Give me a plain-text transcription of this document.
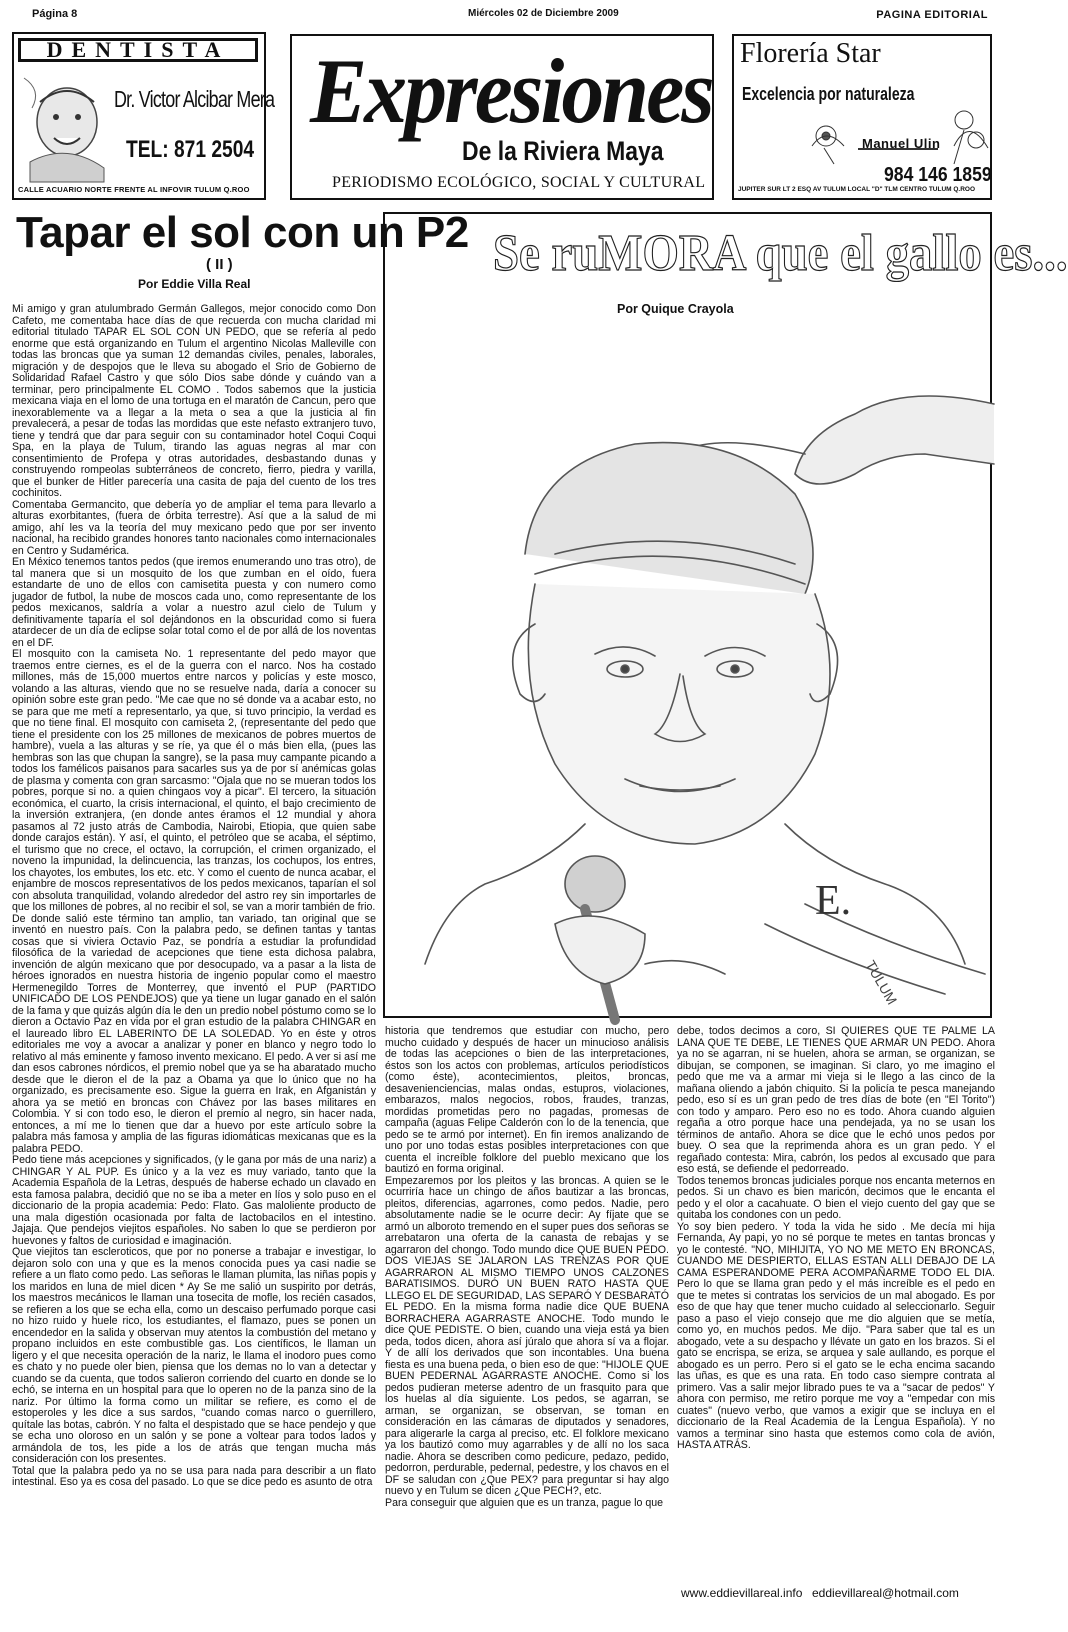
Página 8	Miércoles 02 de Diciembre 2009	PAGINA EDITORIAL
DENTISTA
Dr. Victor Alcibar Mera
TEL: 871 2504
CALLE ACUARIO NORTE FRENTE AL INFOVIR TULUM Q.ROO
Expresiones
De la Riviera Maya
PERIODISMO ECOLÓGICO, SOCIAL Y CULTURAL
Florería Star
Excelencia por naturaleza
Manuel Ulin
984 146 1859
JUPITER SUR LT 2 ESQ AV TULUM LOCAL "D" TLM CENTRO TULUM Q.ROO
Tapar el sol con un P2
( II )
Por Eddie Villa Real

Mi amigo y gran atulumbrado Germán Gallegos, mejor conocido como Don Cafeto, me comentaba hace días de que recuerda con mucha claridad mi editorial titulado TAPAR EL SOL CON UN PEDO, que se refería al pedo enorme que está organizando en Tulum el argentino Nicolas Malleville con todas las broncas que ya suman 12 demandas civiles, penales, laborales, migración y de despojos que le lleva su abogado el Srio de Gobierno de Solidaridad Rafael Castro y que sólo Dios sabe dónde y cuándo van a terminar, pero principalmente EL COMO . Todos sabemos que la justicia mexicana viaja en el lomo de una tortuga en el maratón de Cancun, pero que inexorablemente va a llegar a la meta o sea a que la justicia al fin prevalecerá, a pesar de todas las mordidas que este nefasto extranjero tuvo, tiene y tendrá que dar para seguir con su contaminador hotel Coqui Coqui Spa, en la playa de Tulum, tirando las aguas negras al mar con consentimiento de Profepa y otras autoridades, desbastando dunas y construyendo rompeolas subterráneos de concreto, fierro, piedra y varilla, que el bunker de Hitler parecería una casita de paja del cuento de los tres cochinitos.

Comentaba Germancito, que debería yo de ampliar el tema para llevarlo a alturas exorbitantes, (fuera de órbita terrestre). Así que a la salud de mi amigo, ahí les va la teoría del muy mexicano pedo que por ser invento nacional, ha recibido grandes honores tanto nacionales como internacionales en Centro y Sudamérica.

En México tenemos tantos pedos (que iremos enumerando uno tras otro), de tal manera que si un mosquito de los que zumban en el oído, fuera estandarte de uno de ellos con camisetita puesta y con numero como jugador de futbol, la nube de moscos cada uno, como representante de los pedos mexicanos, saldría a volar a nuestro azul cielo de Tulum y definitivamente taparía el sol dejándonos en la obscuridad como si fuera atardecer de un día de eclipse solar total como el de por allá de los noventas en el DF.

El mosquito con la camiseta No. 1 representante del pedo mayor que traemos entre ciernes, es el de la guerra con el narco. Nos ha costado millones, más de 15,000 muertos entre narcos y policías y este mosco, volando a las alturas, viendo que no se resuelve nada, daría a conocer su opinión sobre este gran pedo. "Me cae que no sé donde va a acabar esto, no se para que me metí a representarlo, ya que, si tuvo principio, la verdad es que no tiene final. El mosquito con camiseta 2, (representante del pedo que tiene el presidente con los 25 millones de mexicanos de pobres muertos de hambre), vuela a las alturas y se ríe, ya que él o más bien ella, (pues las hembras son las que chupan la sangre), se la pasa muy campante picando a todos los famélicos paisanos para sacarles sus ya de por sí anémicas golas de plasma y comenta con gran sarcasmo: "Ojala que no se mueran todos los pobres, porque si no. a quien chingaos voy a picar". El tercero, la situación económica, el cuarto, la crisis internacional, el quinto, el bajo crecimiento de la inversión extranjera, (en donde antes éramos el 12 mundial y ahora pasamos al 72 justo atrás de Cambodia, Nairobi, Etiopia, que quien sabe donde carajos están). Y así, el quinto, el petróleo que se acaba, el séptimo, el turismo que no crece, el octavo, la corrupción, el crimen organizado, el noveno la impunidad, la delincuencia, las tranzas, los cochupos, los entres, los chayotes, los embutes, los etc. etc. Y como el cuento de nunca acabar, el enjambre de moscos representativos de los pedos mexicanos, taparían el sol con absoluta tranquilidad, volando alrededor del astro rey sin importarles de que los millones de pobres, al no recibir el sol, se van a morir también de frio.

De donde salió este término tan amplio, tan variado, tan original que se inventó en nuestro país. Con la palabra pedo, se definen tantas y tantas cosas que si viviera Octavio Paz, se pondría a estudiar la profundidad filosófica de la variedad de acepciones que tiene esta dichosa palabra, invención de algún mexicano que por desocupado, va a pasar a la lista de héroes ignorados en nuestra historia de ingenio popular como el maestro Hermenegildo Torres de Monterrey, que inventó el PUP (PARTIDO UNIFICADO DE LOS PENDEJOS) que ya tiene un lugar ganado en el salón de la fama y que quizás algún día le den un predio nobel póstumo como se lo dieron a Octavio Paz en vida por el gran estudio de la palabra CHINGAR en el laureado libro EL LABERINTO DE LA SOLEDAD. Yo en éste y otros editoriales me voy a avocar a analizar y poner en blanco y negro todo lo relativo al más eminente y famoso invento mexicano. El pedo. A ver si así me dan esos cabrones nórdicos, el premio nobel que ya se ha abaratado mucho desde que le dieron el de la paz a Obama ya que lo único que no ha organizado, es precisamente eso. Sigue la guerra en Irak, en Afganistán y ahora ya se metió en broncas con Chávez por las bases militares en Colombia. Y si con todo eso, le dieron el premio al negro, sin hacer nada, entonces, a mí me lo tienen que dar a huevo por este artículo sobre la palabra más famosa y amplia de las figuras idiomáticas mexicanas que es la palabra PEDO.

Pedo tiene más acepciones y significados, (y le gana por más de una nariz) a CHINGAR Y AL PUP. Es único y a la vez es muy variado, tanto que la Academia Española de la Letras, después de haberse echado un clavado en esta famosa palabra, decidió que no se iba a meter en líos y solo puso en el diccionario de la propia academia: Pedo: Flato. Gas maloliente producto de una mala digestión ocasionada por falta de lactobacilos en el intestino. Jajaja. Que pendejos viejitos españoles. No saben lo que se perdieron por huevones y faltos de curiosidad e imaginación.

Que viejitos tan escleroticos, que por no ponerse a trabajar e investigar, lo dejaron solo con una y que es la menos conocida pues ya casi nadie se refiere a un flato como pedo. Las señoras le llaman plumita, las niñas popis y los maridos en luna de miel dicen * Ay Se me salió un suspirito por detrás, los maestros mecánicos le llaman una tosecita de mofle, los recién casados, se refieren a los que se echa ella, como un descaiso perfumado porque casi no hizo ruido y huele rico, los estudiantes, el flamazo, pues se ponen un encendedor en la salida y observan muy atentos la combustión del metano y propano incluidos en este combustible gas. Los científicos, le llaman un ligero y el que necesita operación de la nariz, le llama el inodoro pues como es chato y no puede oler bien, piensa que los demas no lo van a detectar y cuando se da cuenta, que todos salieron corriendo del cuarto en donde se lo echó, se interna en un hospital para que lo operen no de la panza sino de la nariz. Por último la forma como un militar se refiere, es como el de estoperoles y les dice a sus sardos, "cuando comas narco o guerrillero, quítale las botas, cabrón. Y no falta el despistado que se hace pendejo y que se echa uno oloroso en un salón y se pone a voltear para todos lados y armándola de tos, les pide a los de atrás que tengan mucha más consideración con los presentes.

Total que la palabra pedo ya no se usa para nada para describir a un flato intestinal. Eso ya es cosa del pasado. Lo que se dice pedo es asunto de otra

Se ruMORA que el gallo es...
Por Quique Crayola
E.
TULUM

historia que tendremos que estudiar con mucho, pero mucho cuidado y después de hacer un minucioso análisis de todas las acepciones o bien de las interpretaciones, éstos son los actos con problemas, artículos periodísticos (como éste), acontecimientos, pleitos, broncas, desavenienciencias, malas ondas, estupros, violaciones, embarazos, malos negocios, robos, fraudes, tranzas, mordidas prometidas pero no pagadas, promesas de campaña (aguas Felipe Calderón con lo de la tenencia, que pedo se te armó por internet). En fin iremos analizando de uno por uno todas estas posibles interpretaciones con que cuenta el increíble folklore del pueblo mexicano que los bautizó en forma original.

Empezaremos por los pleitos y las broncas. A quien se le ocurriría hace un chingo de años bautizar a las broncas, pleitos, diferencias, agarrones, como pedos. Nadie, pero absolutamente nadie se le ocurre decir: Ay fíjate que se armó un alboroto tremendo en el super pues dos señoras se arrebataron una oferta de la canasta de rebajas y se agarraron del chongo. Todo mundo dice QUE BUEN PEDO. DOS VIEJAS SE JALARON LAS TRENZAS POR QUE AGARRARON AL MISMO TIEMPO UNOS CALZONES BARATISIMOS. DURÓ UN BUEN RATO HASTA QUE LLEGO EL DE SEGURIDAD, LAS SEPARÓ Y DESBARATÓ EL PEDO. En la misma forma nadie dice QUE BUENA BORRACHERA AGARRASTE ANOCHE. Todo mundo le dice QUE PEDISTE. O bien, cuando una vieja está ya bien peda, todos dicen, ahora así júralo que ahora sí va a flojar. Y de allí los derivados que son incontables. Una buena fiesta es una buena peda, o bien eso de que: "HIJOLE QUE BUEN PEDERNAL AGARRASTE ANOCHE. Como si los pedos pudieran meterse adentro de un frasquito para que los huelas al día siguiente. Los pedos, se agarran, se arman, se organizan, se observan, se toman en consideración en las cámaras de diputados y senadores, para aligerarle la carga al preciso, etc. El folklore mexicano ya los bautizó como muy agarrables y de allí no los saca nadie. Ahora se describen como pedicure, pedazo, pedido, pedorron, perdurable, pedernal, pedestre, y los chavos en el DF se saludan con ¿Que PEX? para preguntar si hay algo nuevo y en Tulum se dicen ¿Que PECH?, etc.

Para conseguir que alguien que es un tranza, pague lo que

debe, todos decimos a coro, SI QUIERES QUE TE PALME LA LANA QUE TE DEBE, LE TIENES QUE ARMAR UN PEDO. Ahora ya no se agarran, ni se huelen, ahora se arman, se organizan, se dibujan, se componen, se imaginan. Si claro, yo me imagino el pedo que me va a armar mi vieja si le llego a las cinco de la mañana oliendo a jabón chiquito. Si la policía te pesca manejando pedo, eso sí es un gran pedo de tres días de bote (en "El Torito") con todo y amparo. Pero eso no es todo. Ahora cuando alguien regaña a otro porque hace una pendejada, ya no se usan los términos de antaño. Ahora se dice que le echó unos pedos por buey. O sea que la reprimenda ahora es un gran pedo. Y el regañado contesta: Mira, cabrón, los pedos al excusado que para eso está, se defiende el pedorreado.

Todos tenemos broncas judiciales porque nos encanta meternos en pedos. Si un chavo es bien maricón, decimos que le encanta el pedo y el olor a cacahuate. O bien el viejo cuento del gay que se quitaba los condones con un pedo.

Yo soy bien pedero. Y toda la vida he sido . Me decía mi hija Fernanda, Ay papi, yo no sé porque te metes en tantas broncas y yo le contesté. "NO, MIHIJITA, YO NO ME METO EN BRONCAS, CUANDO ME DESPIERTO, ELLAS ESTAN ALLI DEBAJO DE LA CAMA ESPERANDOME PERA ACOMPAÑARME TODO EL DIA. Pero lo que se llama gran pedo y el más increíble es el pedo en que te metes si contratas los servicios de un mal abogado. Es por eso de que hay que tener mucho cuidado al seleccionarlo. Seguir paso a paso el viejo consejo que me dio alguien que se metía, como yo, en muchos pedos. Me dijo. "Para saber que tal es un abogado, vete a su despacho y llévate un gato en los brazos. Si el gato se encrispa, se eriza, se arquea y sale aullando, es porque el abogado es un perro. Pero si el gato se le echa encima sacando las uñas, es que es una rata. En todo caso siempre contrata al primero. Vas a salir mejor librado pues te va a "sacar de pedos" Y ahora con permiso, me retiro porque me voy a "empedar con mis cuates" (nuevo verbo, que vamos a exigir que se incluya en el diccionario de la Real Academia de la Lengua Española). Y no vamos a terminar sino hasta que estemos como cola de avión, HASTA ATRÁS.

www.eddievillareal.info eddievillareal@hotmail.com
